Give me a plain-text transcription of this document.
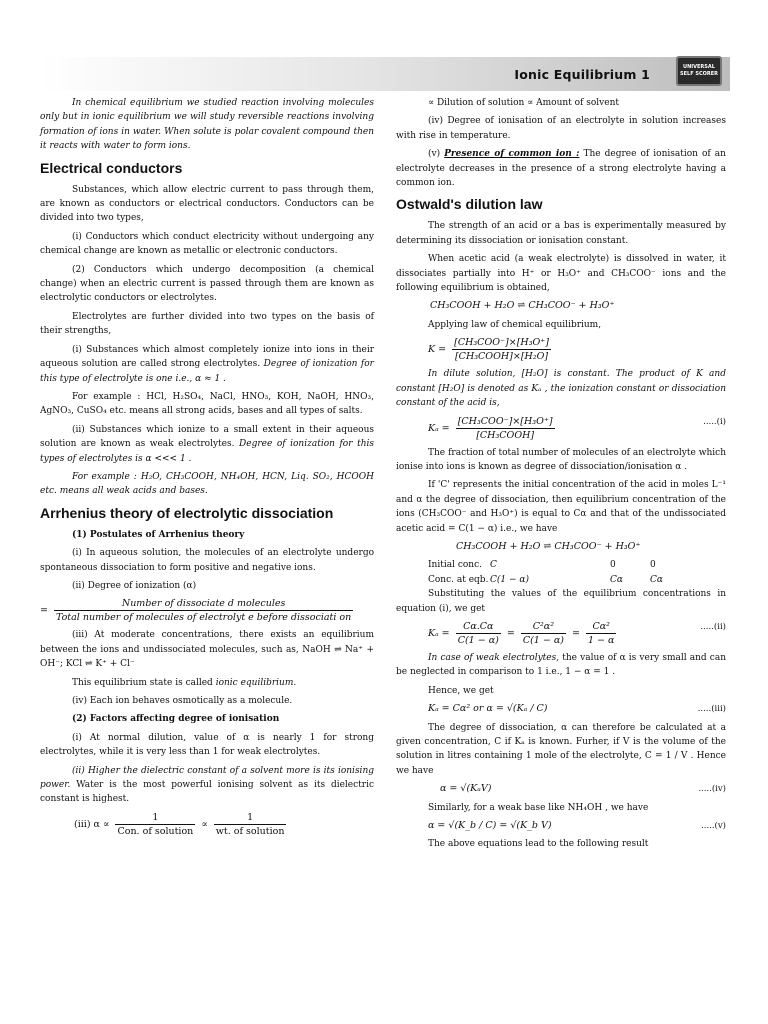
Ionic Equilibrium 1	UNIVERSAL
SELF SCORER

In chemical equilibrium we studied reaction involving molecules only but in ionic equilibrium we will study reversible reactions involving formation of ions in water. When solute is polar covalent compound then it reacts with water to form ions.

Electrical conductors

Substances, which allow electric current to pass through them, are known as conductors or electrical conductors. Conductors can be divided into two types,

(i) Conductors which conduct electricity without undergoing any chemical change are known as metallic or electronic conductors.

(2) Conductors which undergo decomposition (a chemical change) when an electric current is passed through them are known as electrolytic conductors or electrolytes.

Electrolytes are further divided into two types on the basis of their strengths,

(i) Substances which almost completely ionize into ions in their aqueous solution are called strong electrolytes. Degree of ionization for this type of electrolyte is one i.e., α ≈ 1 .

For example : HCl, H₂SO₄, NaCl, HNO₃, KOH, NaOH, HNO₃, AgNO₃, CuSO₄ etc. means all strong acids, bases and all types of salts.

(ii) Substances which ionize to a small extent in their aqueous solution are known as weak electrolytes. Degree of ionization for this types of electrolytes is α <<< 1 .

For example : H₂O, CH₃COOH, NH₄OH, HCN, Liq. SO₂, HCOOH etc. means all weak acids and bases.

Arrhenius theory of electrolytic dissociation

(1) Postulates of Arrhenius theory

(i) In aqueous solution, the molecules of an electrolyte undergo spontaneous dissociation to form positive and negative ions.

(ii) Degree of ionization (α)

=
Number of dissociate d molecules
Total number of molecules of electrolyt e before dissociati on

(iii) At moderate concentrations, there exists an equilibrium between the ions and undissociated molecules, such as, NaOH ⇌ Na⁺ + OH⁻; KCl ⇌ K⁺ + Cl⁻

This equilibrium state is called ionic equilibrium.

(iv) Each ion behaves osmotically as a molecule.

(2) Factors affecting degree of ionisation

(i) At normal dilution, value of α is nearly 1 for strong electrolytes, while it is very less than 1 for weak electrolytes.

(ii) Higher the dielectric constant of a solvent more is its ionising power. Water is the most powerful ionising solvent as its dielectric constant is highest.

(iii) $\alpha \propto \frac{1}{\text{Con. of solution}} \propto \frac{1}{\text{wt. of solution}}$

∝ Dilution of solution ∝ Amount of solvent

(iv) Degree of ionisation of an electrolyte in solution increases with rise in temperature.

(v) Presence of common ion : The degree of ionisation of an electrolyte decreases in the presence of a strong electrolyte having a common ion.

Ostwald's dilution law

The strength of an acid or a bas is experimentally measured by determining its dissociation or ionisation constant.

When acetic acid (a weak electrolyte) is dissolved in water, it dissociates partially into H⁺ or H₃O⁺ and CH₃COO⁻ ions and the following equilibrium is obtained,

CH₃COOH + H₂O ⇌ CH₃COO⁻ + H₃O⁺

Applying law of chemical equilibrium,

$K = \frac{\text{[CH₃COO⁻]×[H₃O⁺]}}{\text{[CH₃COOH]×[H₂O]}}$

In dilute solution, [H₂O] is constant. The product of K and constant [H₂O] is denoted as Kₐ , the ionization constant or dissociation constant of the acid is,

$K_a = \frac{\text{[CH₃COO⁻]×[H₃O⁺]}}{\text{[CH₃COOH]}}$	.....(i)

The fraction of total number of molecules of an electrolyte which ionise into ions is known as degree of dissociation/ionisation α .

If 'C' represents the initial concentration of the acid in moles L⁻¹ and α the degree of dissociation, then equilibrium concentration of the ions (CH₃COO⁻ and H₃O⁺) is equal to Cα and that of the undissociated acetic acid = C(1 − α) i.e., we have

CH₃COOH + H₂O ⇌ CH₃COO⁻ + H₃O⁺
Initial conc. C	0	0
Conc. at eqb. C(1 − α)	Cα	Cα

Substituting the values of the equilibrium concentrations in equation (i), we get

$K_a = \frac{C\alpha.C\alpha}{C(1 - \alpha)} = \frac{\text{C²α²}}{C(1 - \alpha)} = \frac{\text{Cα²}}{1 - \alpha}$	.....(ii)

In case of weak electrolytes, the value of α is very small and can be neglected in comparison to 1 i.e., 1 − α = 1 .

Hence, we get

Kₐ = Cα² or α = √(Kₐ / C)	.....(iii)

The degree of dissociation, α can therefore be calculated at a given concentration, C if Kₐ is known. Furher, if V is the volume of the solution in litres containing 1 mole of the electrolyte, C = 1 / V . Hence we have

α = √(KₐV)	.....(iv)

Similarly, for a weak base like NH₄OH , we have

α = √(K_b / C) = √(K_b V)	.....(v)

The above equations lead to the following result
